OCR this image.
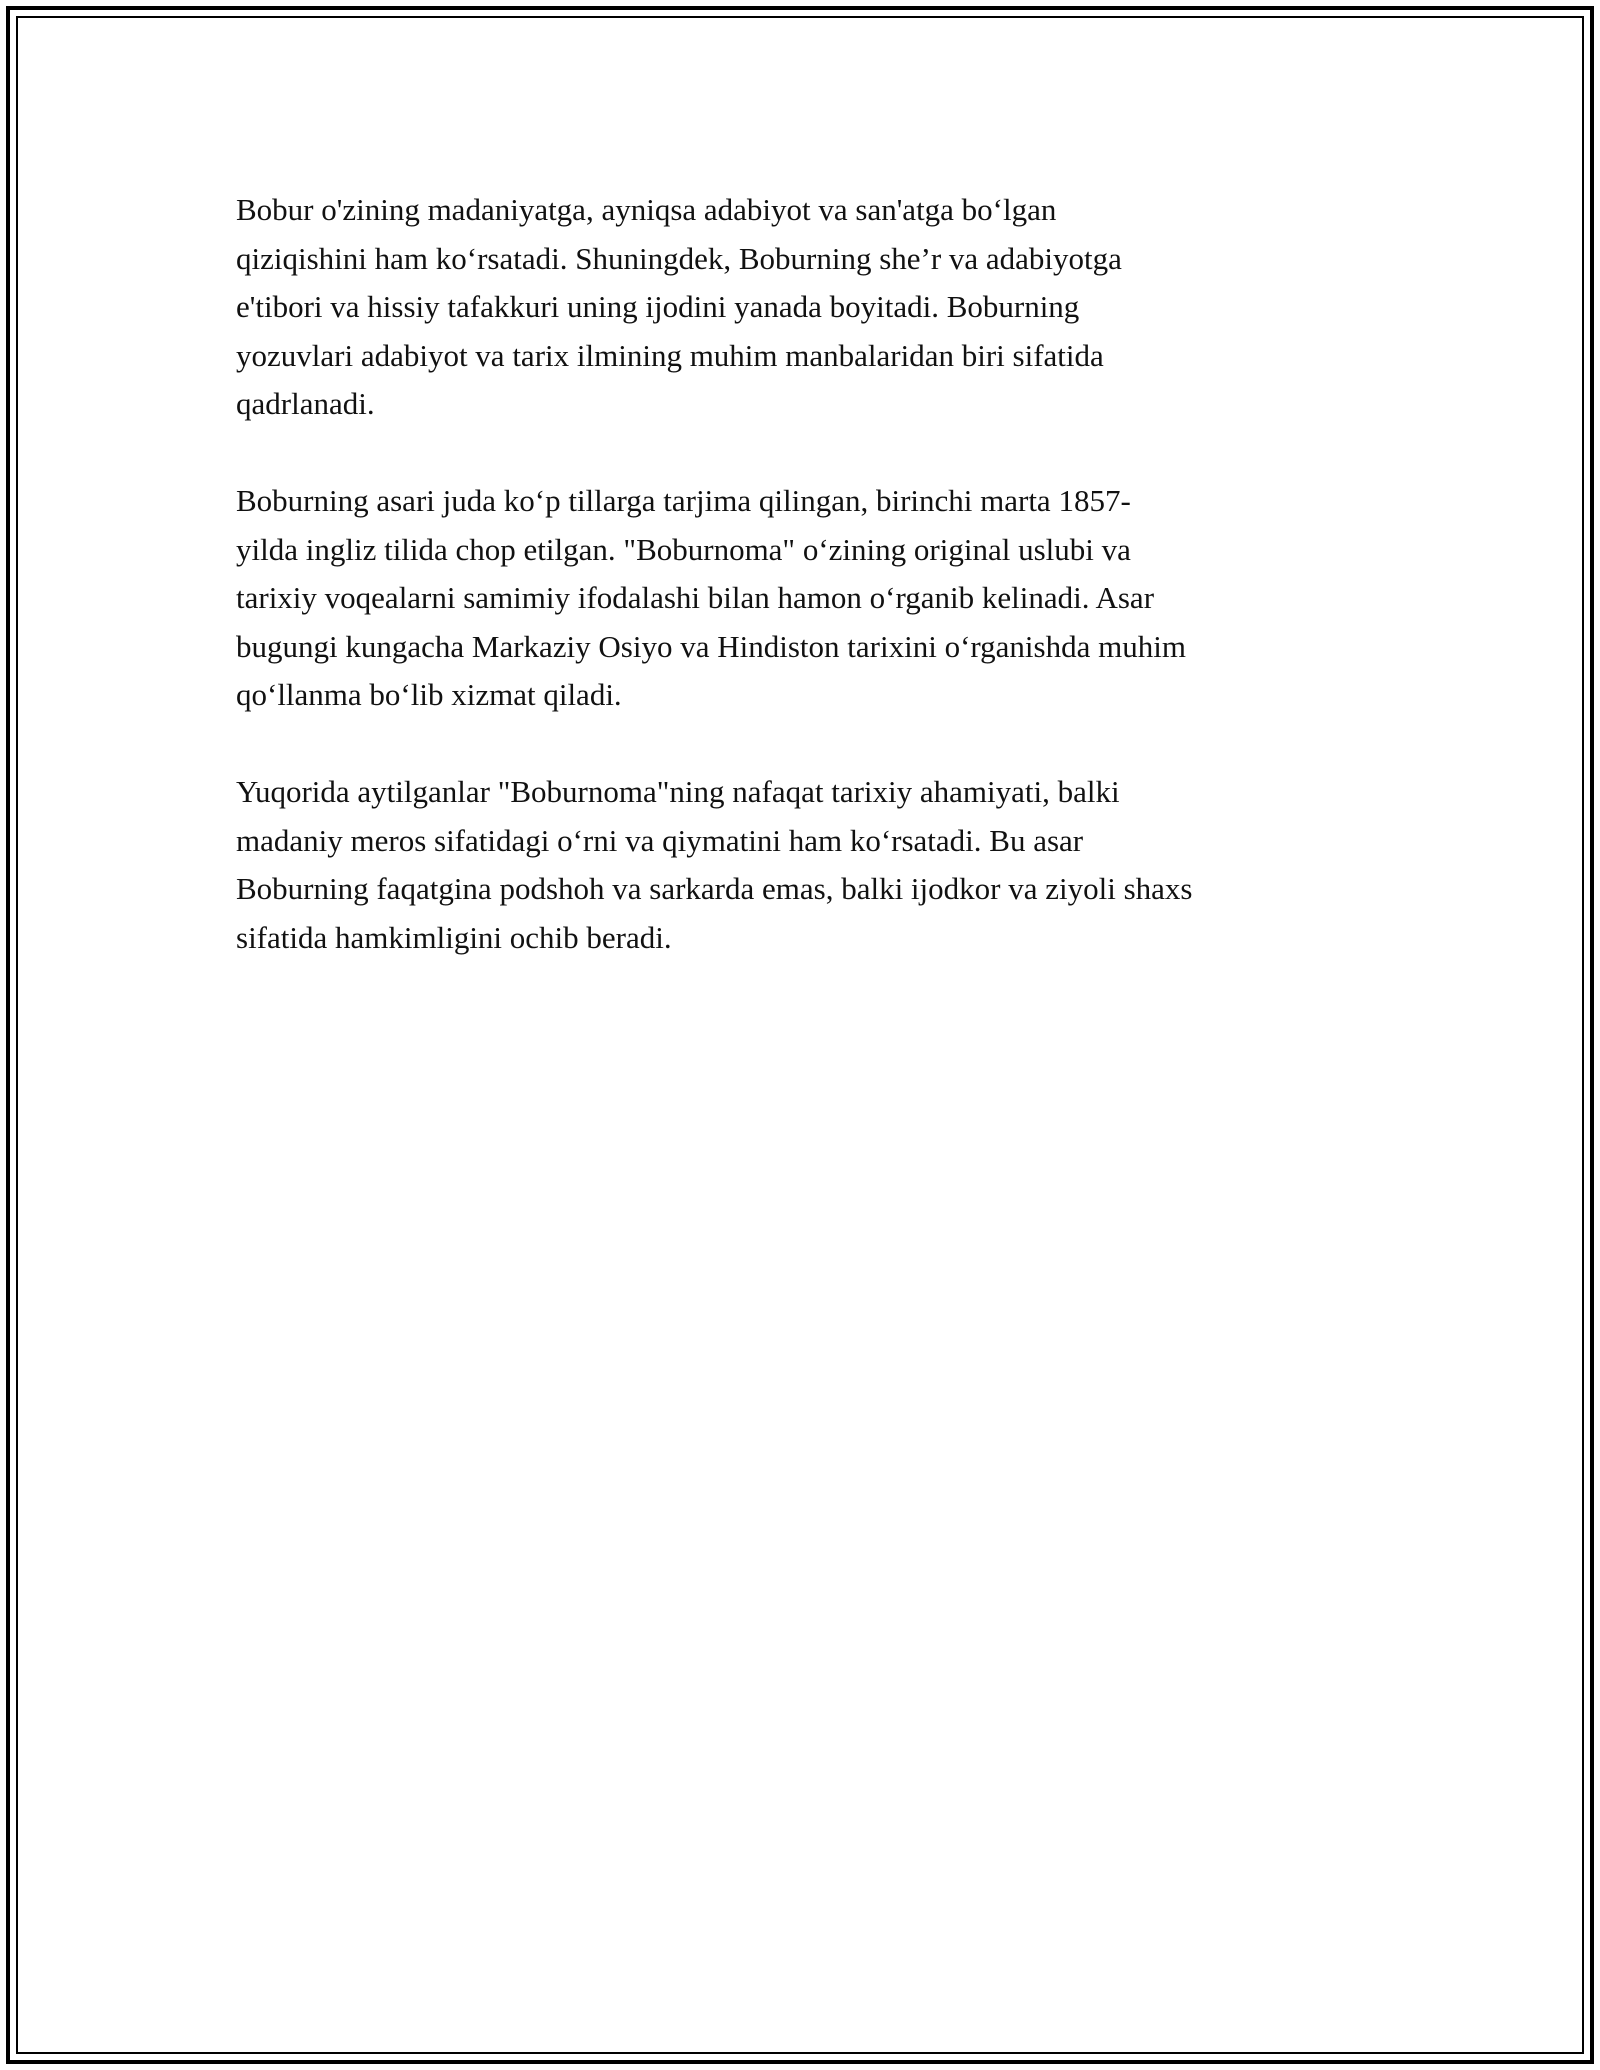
Bobur o'zining madaniyatga, ayniqsa adabiyot va san'atga bo‘lgan
qiziqishini ham ko‘rsatadi. Shuningdek, Boburning she’r va adabiyotga
e'tibori va hissiy tafakkuri uning ijodini yanada boyitadi. Boburning
yozuvlari adabiyot va tarix ilmining muhim manbalaridan biri sifatida
qadrlanadi.

Boburning asari juda ko‘p tillarga tarjima qilingan, birinchi marta 1857-
yilda ingliz tilida chop etilgan. "Boburnoma" o‘zining original uslubi va
tarixiy voqealarni samimiy ifodalashi bilan hamon o‘rganib kelinadi. Asar
bugungi kungacha Markaziy Osiyo va Hindiston tarixini o‘rganishda muhim
qo‘llanma bo‘lib xizmat qiladi.

Yuqorida aytilganlar "Boburnoma"ning nafaqat tarixiy ahamiyati, balki
madaniy meros sifatidagi o‘rni va qiymatini ham ko‘rsatadi. Bu asar
Boburning faqatgina podshoh va sarkarda emas, balki ijodkor va ziyoli shaxs
sifatida hamkimligini ochib beradi.
